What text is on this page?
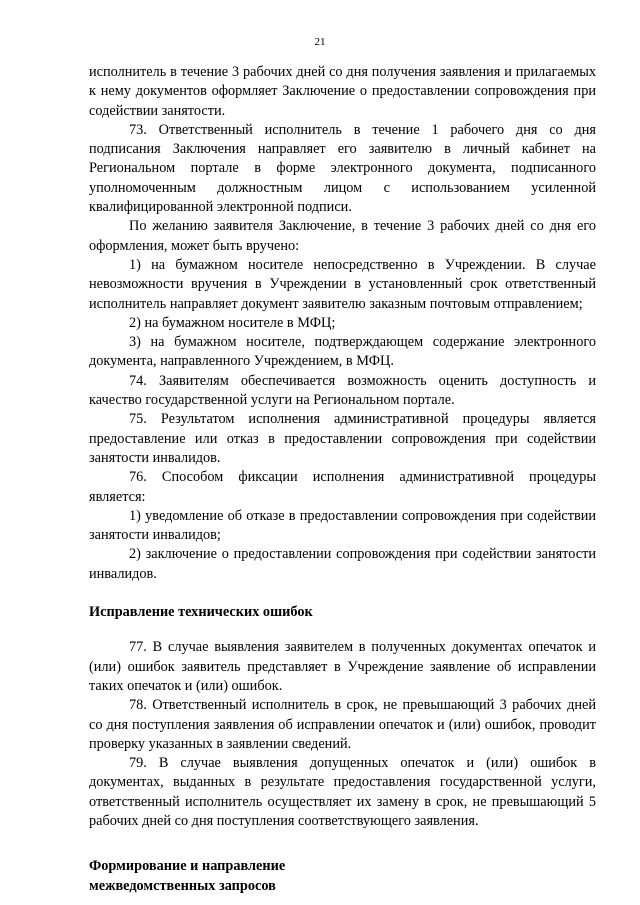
21

исполнитель в течение 3 рабочих дней со дня получения заявления и прилагаемых к нему документов оформляет Заключение о предоставлении сопровождения при содействии занятости.

73. Ответственный исполнитель в течение 1 рабочего дня со дня подписания Заключения направляет его заявителю в личный кабинет на Региональном портале в форме электронного документа, подписанного уполномоченным должностным лицом с использованием усиленной квалифицированной электронной подписи.

По желанию заявителя Заключение, в течение 3 рабочих дней со дня его оформления, может быть вручено:

1) на бумажном носителе непосредственно в Учреждении. В случае невозможности вручения в Учреждении в установленный срок ответственный исполнитель направляет документ заявителю заказным почтовым отправлением;

2) на бумажном носителе в МФЦ;

3) на бумажном носителе, подтверждающем содержание электронного документа, направленного Учреждением, в МФЦ.

74. Заявителям обеспечивается возможность оценить доступность и качество государственной услуги на Региональном портале.

75. Результатом исполнения административной процедуры является предоставление или отказ в предоставлении сопровождения при содействии занятости инвалидов.

76. Способом фиксации исполнения административной процедуры является:

1) уведомление об отказе в предоставлении сопровождения при содействии занятости инвалидов;

2) заключение о предоставлении сопровождения при содействии занятости инвалидов.

Исправление технических ошибок

77. В случае выявления заявителем в полученных документах опечаток и (или) ошибок заявитель представляет в Учреждение заявление об исправлении таких опечаток и (или) ошибок.

78. Ответственный исполнитель в срок, не превышающий 3 рабочих дней со дня поступления заявления об исправлении опечаток и (или) ошибок, проводит проверку указанных в заявлении сведений.

79. В случае выявления допущенных опечаток и (или) ошибок в документах, выданных в результате предоставления государственной услуги, ответственный исполнитель осуществляет их замену в срок, не превышающий 5 рабочих дней со дня поступления соответствующего заявления.

Формирование и направление

межведомственных запросов
